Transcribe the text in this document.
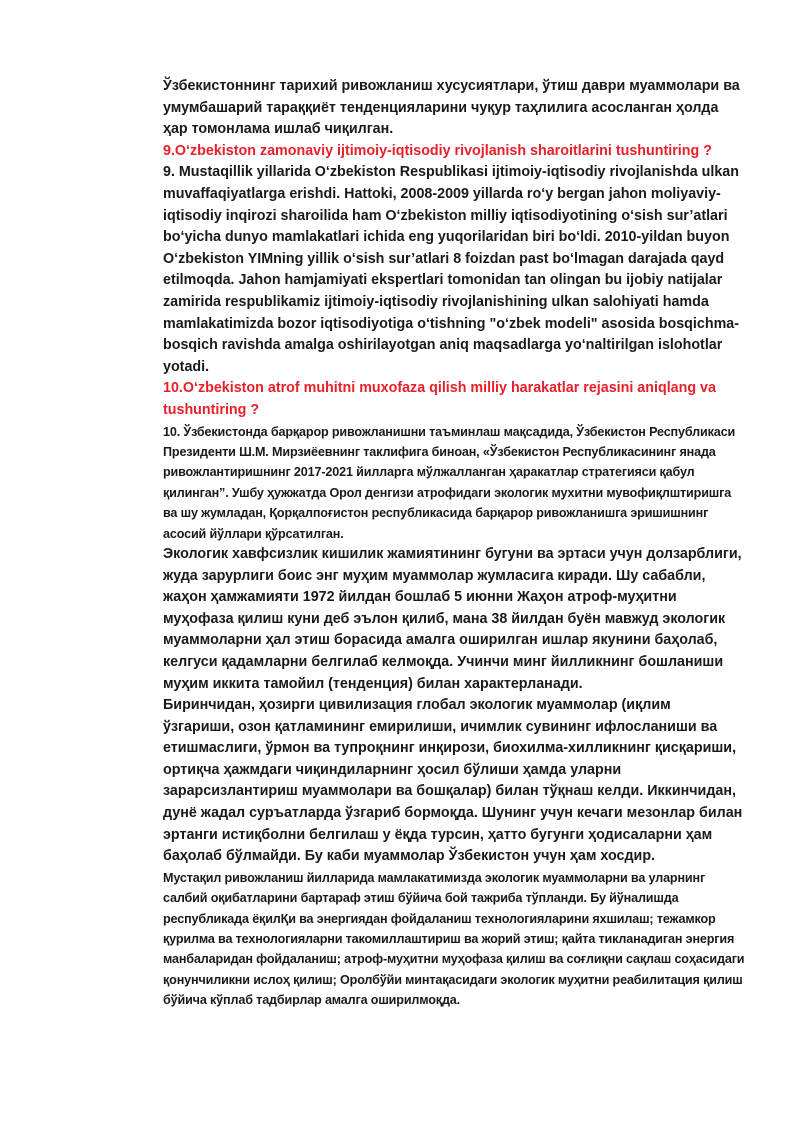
Ўзбекистоннинг тарихий ривожланиш хусусиятлари, ўтиш даври муаммолари ва умумбашарий тараққиёт тенденцияларини чуқур таҳлилига асосланган ҳолда ҳар томонлама ишлаб чиқилган.

9.O‘zbekiston zamonaviy ijtimoiy-iqtisodiy rivojlanish sharoitlarini tushuntiring ?

9. Mustaqillik yillarida O‘zbekiston Respublikasi ijtimoiy-iqtisodiy rivojlanishda ulkan muvaffaqiyatlarga erishdi. Hattoki, 2008-2009 yillarda ro‘y bergan jahon moliyaviy-iqtisodiy inqirozi sharoilida ham O‘zbekiston milliy iqtisodiyotining o‘sish sur’atlari bo‘yicha dunyo mamlakatlari ichida eng yuqorilaridan biri bo‘ldi. 2010-yildan buyon O‘zbekiston YIMning yillik o‘sish sur’atlari 8 foizdan past bo‘lmagan darajada qayd etilmoqda. Jahon hamjamiyati ekspertlari tomonidan tan olingan bu ijobiy natijalar zamirida respublikamiz ijtimoiy-iqtisodiy rivojlanishining ulkan salohiyati hamda mamlakatimizda bozor iqtisodiyotiga o‘tishning "o‘zbek modeli" asosida bosqichma-bosqich ravishda amalga oshirilayotgan aniq maqsadlarga yo‘naltirilgan islohotlar yotadi.

10.O‘zbekiston atrof muhitni muxofaza qilish milliy harakatlar rejasini aniqlang va tushuntiring ?

10. Ўзбекистонда барқарор ривожланишни таъминлаш мақсадида, Ўзбекистон Республикаси Президенти Ш.М. Мирзиёевнинг таклифига биноан, «Ўзбекистон Республикасининг янада ривожлантиришнинг 2017-2021 йилларга мўлжалланган ҳаракатлар стратегияси қабул қилинган”. Ушбу ҳужжатда Орол денгизи атрофидаги экологик мухитни мувофиқлштиришга ва шу жумладан, Қорқалпоғистон республикасида барқарор ривожланишга эришишнинг асосий йўллари қўрсатилган.

Экологик хавфсизлик кишилик жамиятининг бугуни ва эртаси учун долзарблиги, жуда зарурлиги боис энг муҳим муаммолар жумласига киради. Шу сабабли, жаҳон ҳамжамияти 1972 йилдан бошлаб 5 июнни Жаҳон атроф-муҳитни муҳофаза қилиш куни деб эълон қилиб, мана 38 йилдан буён мавжуд экологик муаммоларни ҳал этиш борасида амалга оширилган ишлар якунини баҳолаб, келгуси қадамларни белгилаб келмоқда. Учинчи минг йилликнинг бошланиши муҳим иккита тамойил (тенденция) билан характерланади.

Биринчидан, ҳозирги цивилизация глобал экологик муаммолар (иқлим ўзгариши, озон қатламининг емирилиши, ичимлик сувининг ифлосланиши ва етишмаслиги, ўрмон ва тупроқнинг инқирози, биохилма-хилликнинг қисқариши, ортиқча ҳажмдаги чиқиндиларнинг ҳосил бўлиши ҳамда уларни зарарсизлантириш муаммолари ва бошқалар) билан тўқнаш келди. Иккинчидан, дунё жадал суръатларда ўзгариб бормоқда. Шунинг учун кечаги мезонлар билан эртанги истиқболни белгилаш у ёқда турсин, ҳатто бугунги ҳодисаларни ҳам баҳолаб бўлмайди. Бу каби муаммолар Ўзбекистон учун ҳам хосдир.

Мустақил ривожланиш йилларида мамлакатимизда экологик муаммоларни ва уларнинг салбий оқибатларини бартараф этиш бўйича бой тажриба тўпланди. Бу йўналишда республикада ёқилҚи ва энергиядан фойдаланиш технологияларини яхшилаш; тежамкор қурилма ва технологияларни такомиллаштириш ва жорий этиш; қайта тикланадиган энергия манбаларидан фойдаланиш; атроф-муҳитни муҳофаза қилиш ва соғлиқни сақлаш соҳасидаги қонунчиликни ислоҳ қилиш; Оролбўйи минтақасидаги экологик муҳитни реабилитация қилиш бўйича кўплаб тадбирлар амалга оширилмоқда.
